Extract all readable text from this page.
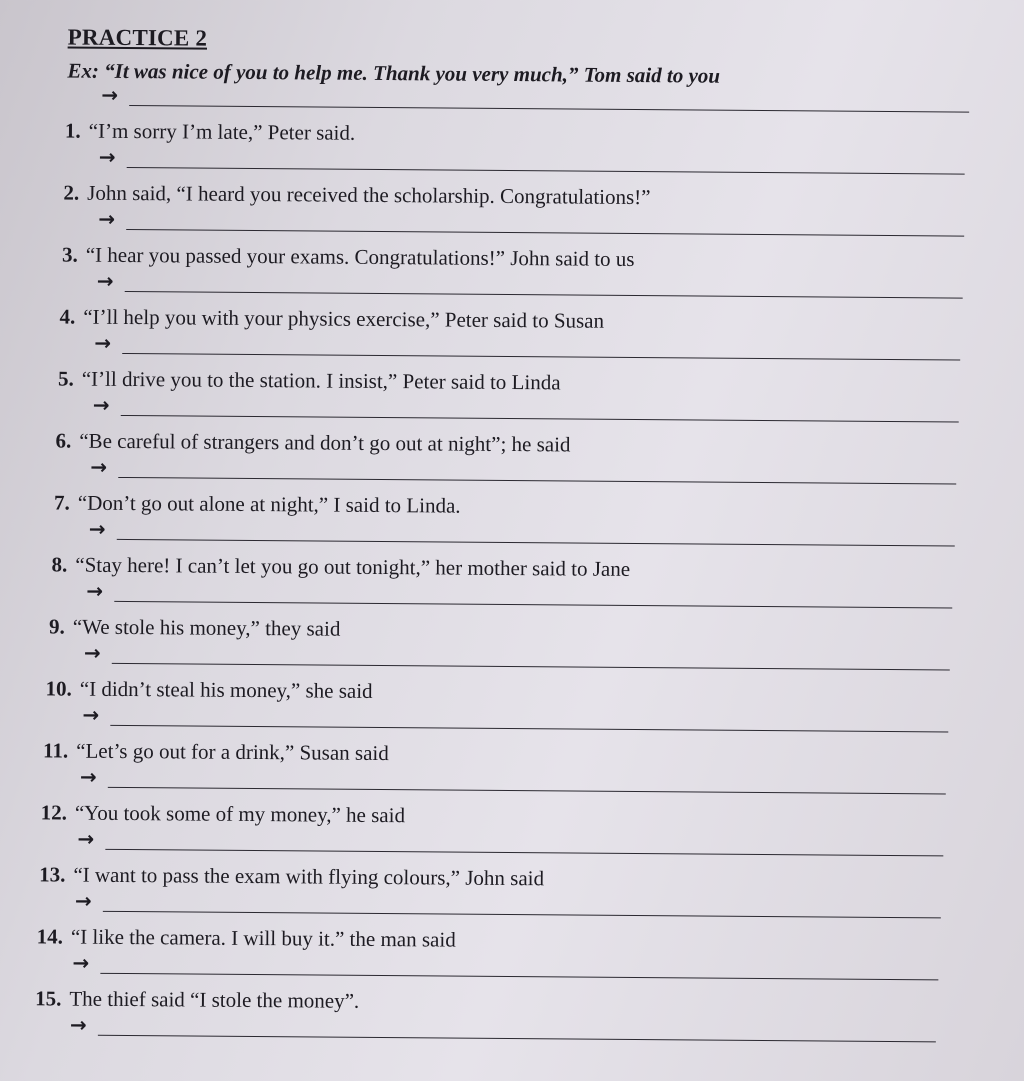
PRACTICE 2
Ex: “It was nice of you to help me. Thank you very much,” Tom said to you
→
1. “I’m sorry I’m late,” Peter said.
→
2. John said, “I heard you received the scholarship. Congratulations!”
→
3. “I hear you passed your exams. Congratulations!” John said to us
→
4. “I’ll help you with your physics exercise,” Peter said to Susan
→
5. “I’ll drive you to the station. I insist,” Peter said to Linda
→
6. “Be careful of strangers and don’t go out at night”; he said
→
7. “Don’t go out alone at night,” I said to Linda.
→
8. “Stay here! I can’t let you go out tonight,” her mother said to Jane
→
9. “We stole his money,” they said
→
10. “I didn’t steal his money,” she said
→
11. “Let’s go out for a drink,” Susan said
→
12. “You took some of my money,” he said
→
13. “I want to pass the exam with flying colours,” John said
→
14. “I like the camera. I will buy it.” the man said
→
15. The thief said “I stole the money”.
→
